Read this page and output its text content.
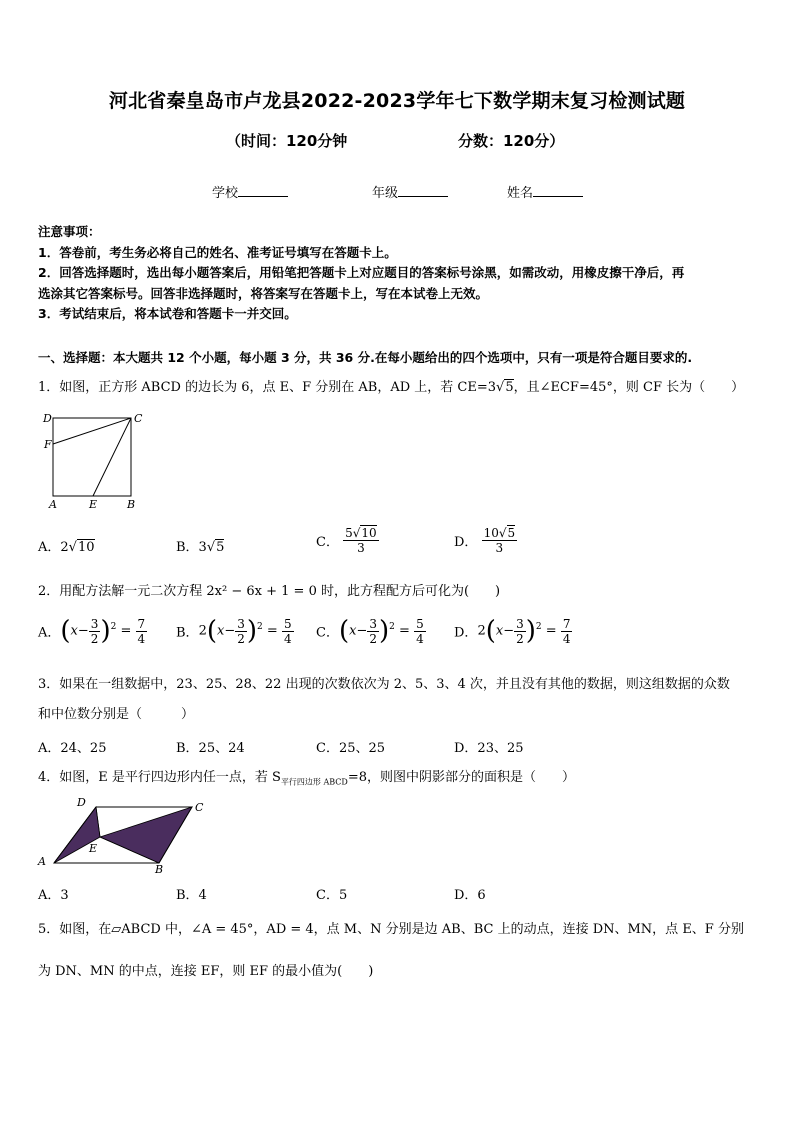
河北省秦皇岛市卢龙县2022-2023学年七下数学期末复习检测试题
（时间：120分钟	分数：120分）
学校	年级	姓名
注意事项：
1．答卷前，考生务必将自己的姓名、准考证号填写在答题卡上。
2．回答选择题时，选出每小题答案后，用铅笔把答题卡上对应题目的答案标号涂黑，如需改动，用橡皮擦干净后，再
选涂其它答案标号。回答非选择题时，将答案写在答题卡上，写在本试卷上无效。
3．考试结束后，将本试卷和答题卡一并交回。
一、选择题：本大题共 12 个小题，每小题 3 分，共 36 分.在每小题给出的四个选项中，只有一项是符合题目要求的.
1．如图，正方形 ABCD 的边长为 6，点 E、F 分别在 AB，AD 上，若 CE=3√5，且∠ECF=45°，则 CF 长为（　　）
D	C
F
A	E	B
A．2√10	B．3√5	C． $\frac{5√10}{3}$	D． $\frac{10√5}{3}$
2．用配方法解一元二次方程 2x² − 6x + 1 = 0 时，此方程配方后可化为(　　)
A．$(x- \frac{3}{2} )^2 = \frac{7}{4}$ B．$2(x- \frac{3}{2} )^2 = \frac{5}{4}$ C．$(x- \frac{3}{2} )^2 = \frac{5}{4}$ D．$2(x- \frac{3}{2} )^2 = \frac{7}{4}$
3．如果在一组数据中，23、25、28、22 出现的次数依次为 2、5、3、4 次，并且没有其他的数据，则这组数据的众数
和中位数分别是（　　　）
A．24、25	B．25、24	C．25、25	D．23、25
4．如图，E 是平行四边形内任一点，若 $S_{平行四边形 ABCD}=8$，则图中阴影部分的面积是（　　）
D	C
A
E
B
A．3	B．4	C．5	D．6
5．如图，在▱ABCD 中，∠A = 45°，AD = 4，点 M、N 分别是边 AB、BC 上的动点，连接 DN、MN，点 E、F 分别
为 DN、MN 的中点，连接 EF，则 EF 的最小值为(　　)
